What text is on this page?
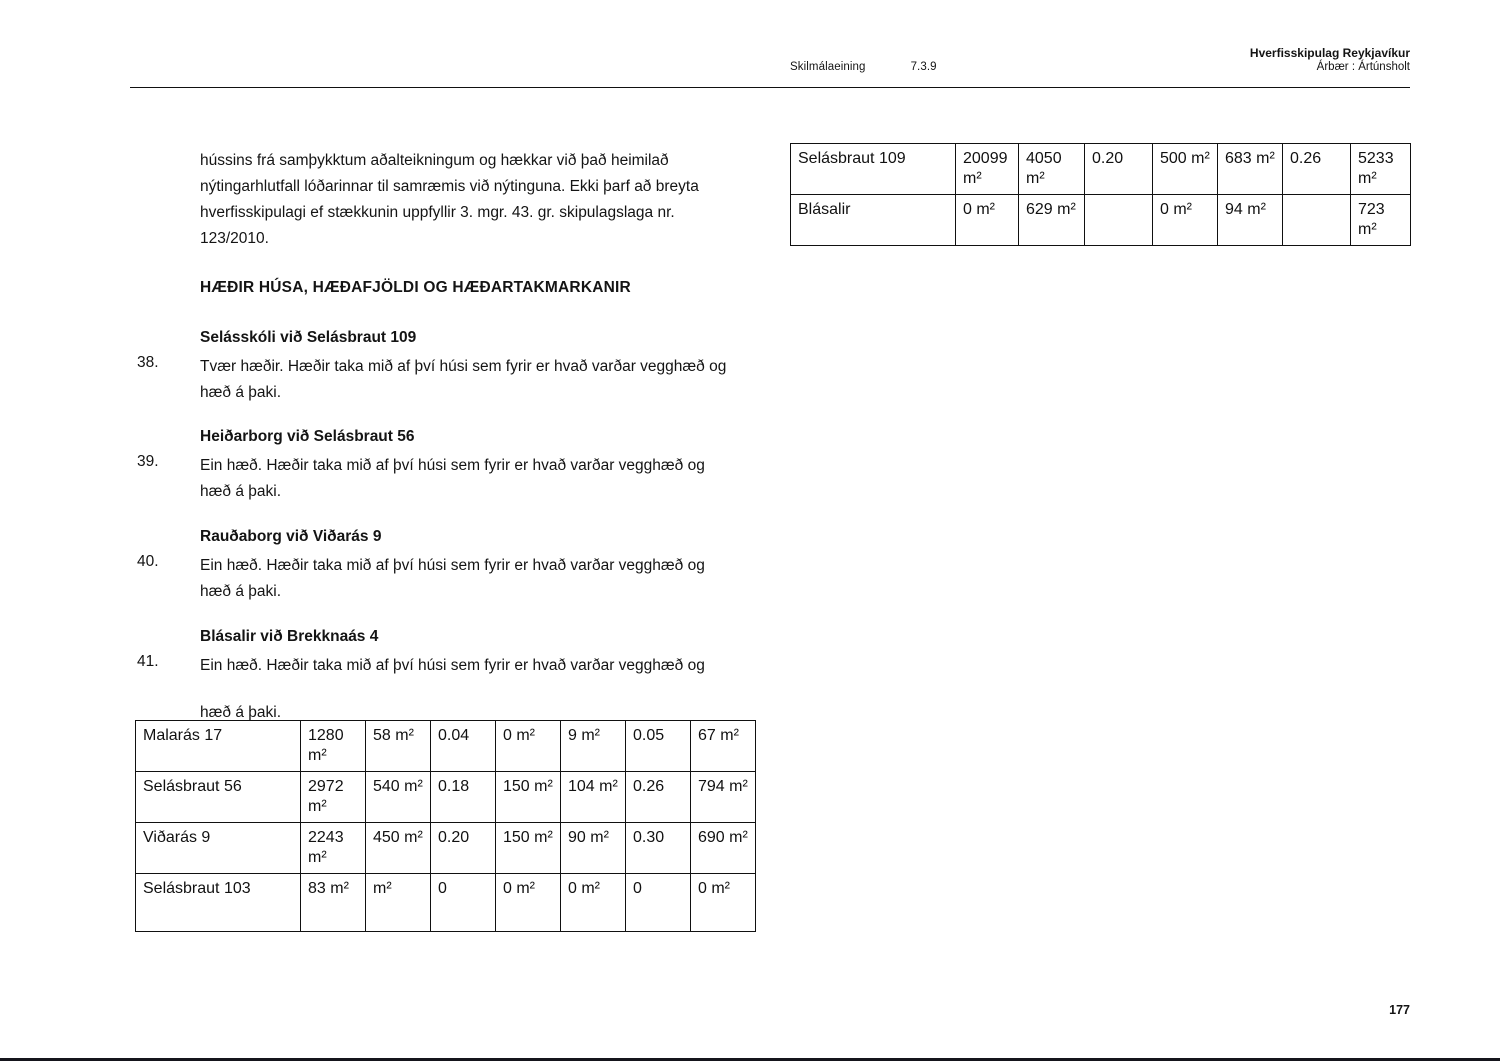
Skilmálaeining	7.3.9
Hverfisskipulag Reykjavíkur
Árbær : Ártúnsholt
Selásbraut 109	20099 m²	4050 m²	0.20	500 m²	683 m²	0.26	5233 m²
Blásalir	0 m²	629 m²		0 m²	94 m²		723 m²
hússins frá samþykktum aðalteikningum og hækkar við það heimilað nýtingarhlutfall lóðarinnar til samræmis við nýtinguna. Ekki þarf að breyta hverfisskipulagi ef stækkunin uppfyllir 3. mgr. 43. gr. skipulagslaga nr. 123/2010.
HÆÐIR HÚSA, HÆÐAFJÖLDI OG HÆÐARTAKMARKANIR
Selásskóli við Selásbraut 109
38.	Tvær hæðir. Hæðir taka mið af því húsi sem fyrir er hvað varðar vegghæð og hæð á þaki.
Heiðarborg við Selásbraut 56
39.	Ein hæð. Hæðir taka mið af því húsi sem fyrir er hvað varðar vegghæð og hæð á þaki.
Rauðaborg við Viðarás 9
40.	Ein hæð. Hæðir taka mið af því húsi sem fyrir er hvað varðar vegghæð og hæð á þaki.
Blásalir við Brekknaás 4
41.	Ein hæð. Hæðir taka mið af því húsi sem fyrir er hvað varðar vegghæð og
hæð á þaki.
Malarás 17	1280 m²	58 m²	0.04	0 m²	9 m²	0.05	67 m²
Selásbraut 56	2972 m²	540 m²	0.18	150 m²	104 m²	0.26	794 m²
Viðarás 9	2243 m²	450 m²	0.20	150 m²	90 m²	0.30	690 m²
Selásbraut 103	83 m²	m²	0	0 m²	0 m²	0	0 m²
177
